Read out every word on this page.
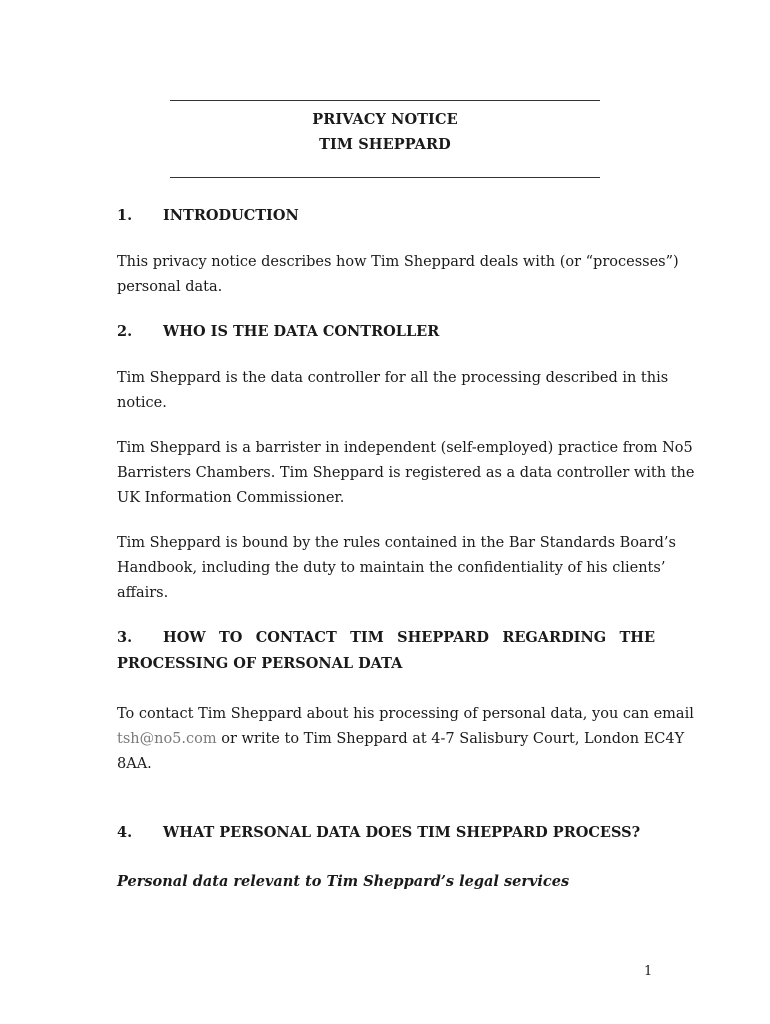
PRIVACY NOTICE
TIM SHEPPARD
1. INTRODUCTION
This privacy notice describes how Tim Sheppard deals with (or “processes”)
personal data.
2. WHO IS THE DATA CONTROLLER
Tim Sheppard is the data controller for all the processing described in this
notice.
Tim Sheppard is a barrister in independent (self-employed) practice from No5
Barristers Chambers. Tim Sheppard is registered as a data controller with the
UK Information Commissioner.
Tim Sheppard is bound by the rules contained in the Bar Standards Board’s
Handbook, including the duty to maintain the confidentiality of his clients’
affairs.
3. HOW TO CONTACT TIM SHEPPARD REGARDING THE
PROCESSING OF PERSONAL DATA
To contact Tim Sheppard about his processing of personal data, you can email
tsh@no5.com or write to Tim Sheppard at 4-7 Salisbury Court, London EC4Y
8AA.
4. WHAT PERSONAL DATA DOES TIM SHEPPARD PROCESS?
Personal data relevant to Tim Sheppard’s legal services
1
